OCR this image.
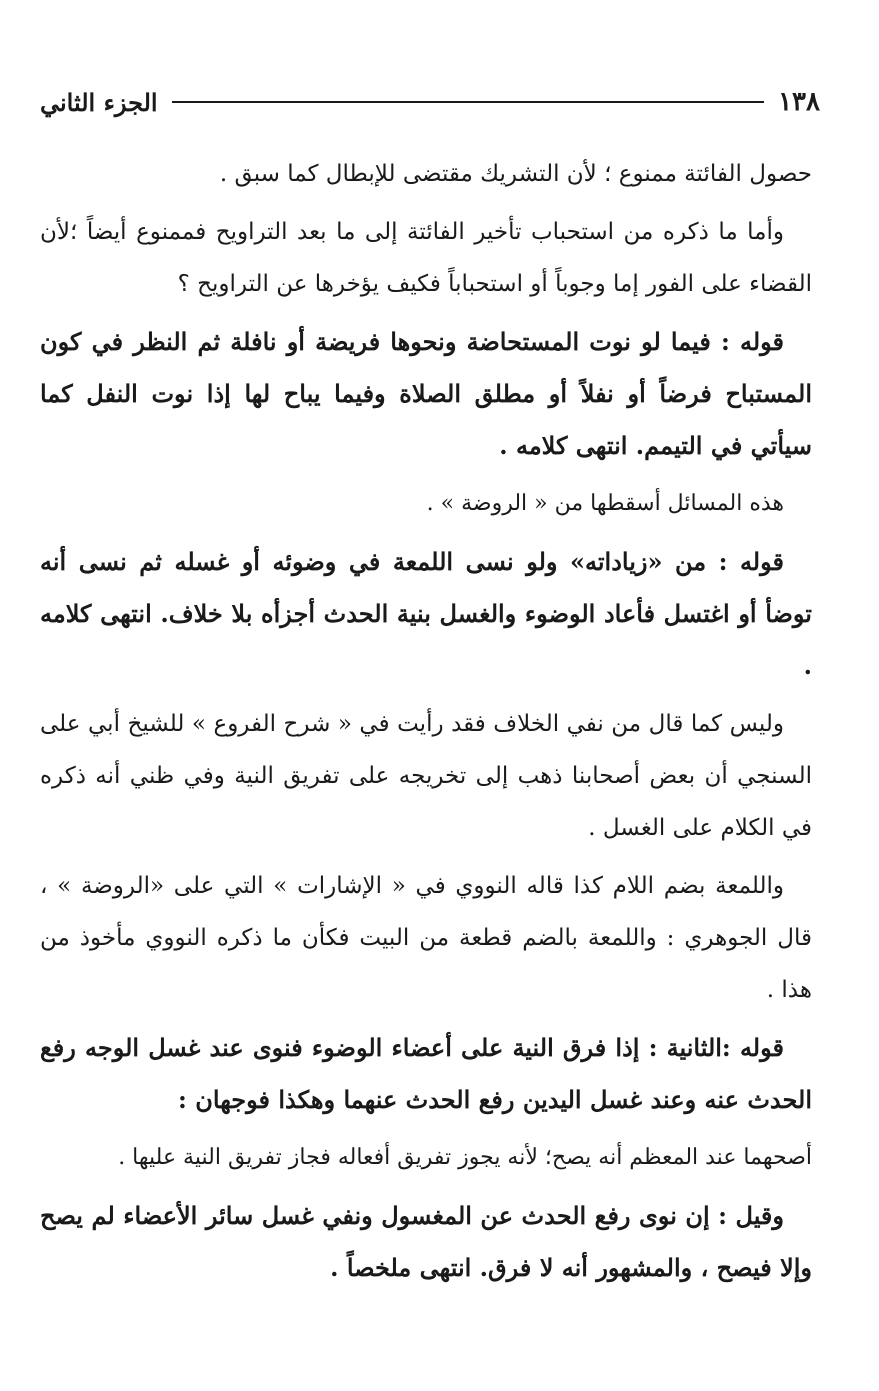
١٣٨
الجزء الثاني

حصول الفائتة ممنوع ؛ لأن التشريك مقتضى للإبطال كما سبق .

وأما ما ذكره من استحباب تأخير الفائتة إلى ما بعد التراويح فممنوع أيضاً ؛لأن القضاء على الفور إما وجوباً أو استحباباً فكيف يؤخرها عن التراويح ؟

قوله : فيما لو نوت المستحاضة ونحوها فريضة أو نافلة ثم النظر في كون المستباح فرضاً أو نفلاً أو مطلق الصلاة وفيما يباح لها إذا نوت النفل كما سيأتي في التيمم. انتهى كلامه .

هذه المسائل أسقطها من « الروضة » .

قوله : من «زياداته» ولو نسى اللمعة في وضوئه أو غسله ثم نسى أنه توضأ أو اغتسل فأعاد الوضوء والغسل بنية الحدث أجزأه بلا خلاف. انتهى كلامه .

وليس كما قال من نفي الخلاف فقد رأيت في « شرح الفروع » للشيخ أبي على السنجي أن بعض أصحابنا ذهب إلى تخريجه على تفريق النية وفي ظني أنه ذكره في الكلام على الغسل .

واللمعة بضم اللام كذا قاله النووي في « الإشارات » التي على «الروضة » ، قال الجوهري : واللمعة بالضم قطعة من البيت فكأن ما ذكره النووي مأخوذ من هذا .

قوله :الثانية : إذا فرق النية على أعضاء الوضوء فنوى عند غسل الوجه رفع الحدث عنه وعند غسل اليدين رفع الحدث عنهما وهكذا فوجهان :

أصحهما عند المعظم أنه يصح؛ لأنه يجوز تفريق أفعاله فجاز تفريق النية عليها .

وقيل : إن نوى رفع الحدث عن المغسول ونفي غسل سائر الأعضاء لم يصح وإلا فيصح ، والمشهور أنه لا فرق. انتهى ملخصاً .
